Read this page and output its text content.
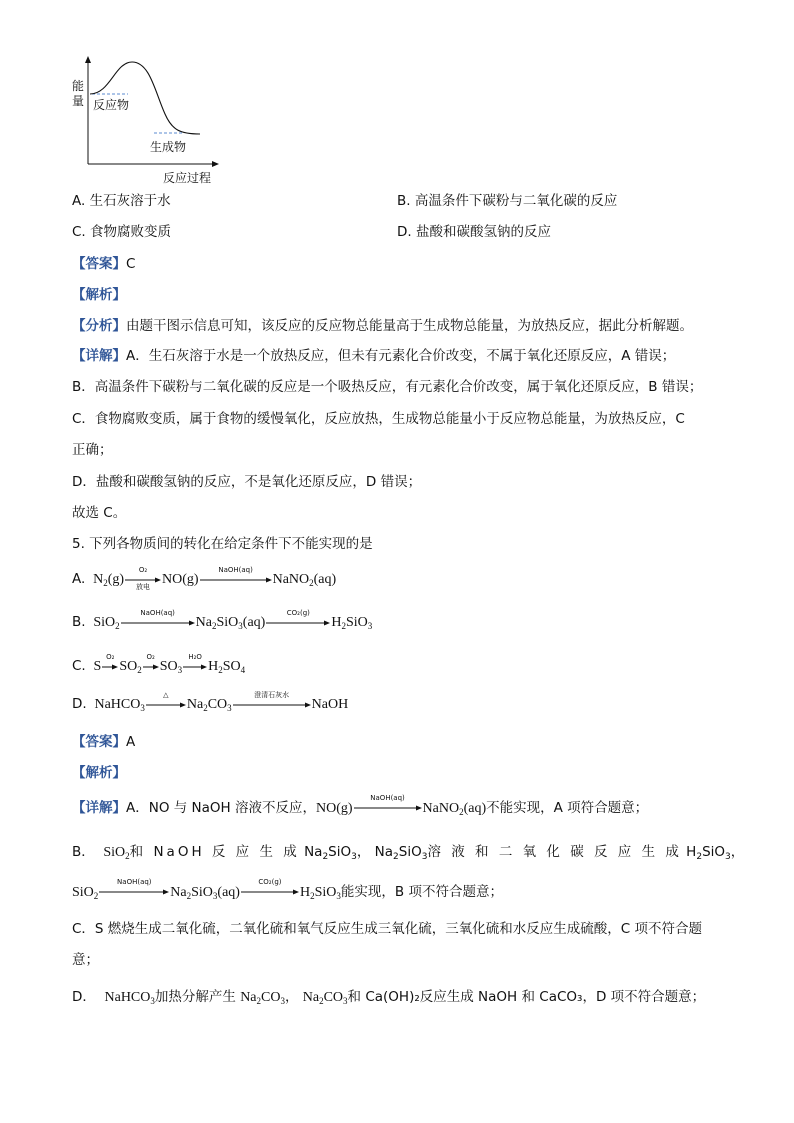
能
量 反应物
生成物
反应过程
A. 生石灰溶于水	B. 高温条件下碳粉与二氧化碳的反应
C. 食物腐败变质	D. 盐酸和碳酸氢钠的反应
【答案】C
【解析】
【分析】由题干图示信息可知，该反应的反应物总能量高于生成物总能量，为放热反应，据此分析解题。
【详解】A．生石灰溶于水是一个放热反应，但未有元素化合价改变，不属于氧化还原反应，A 错误；
B．高温条件下碳粉与二氧化碳的反应是一个吸热反应，有元素化合价改变，属于氧化还原反应，B 错误；
C．食物腐败变质，属于食物的缓慢氧化，反应放热，生成物总能量小于反应物总能量，为放热反应，C
正确；
D．盐酸和碳酸氢钠的反应，不是氧化还原反应，D 错误；
故选 C。
5. 下列各物质间的转化在给定条件下不能实现的是
A.  $N_2(g)$
O₂
放电 NO(g)
NaOH(aq)
NaNO$_2$(aq)
B.  SiO$_2$
NaOH(aq)
$Na_2SiO_3(aq)$
CO₂(g)
$H_2SiO_3$
C.  S
O₂
$SO_2$
O₂
$SO_3$
H₂O
$H_2SO_4$
D.  NaHCO$_3$
△
$Na_2CO_3$
澄清石灰水
NaOH
【答案】A
【解析】
【详解】A．NO 与 NaOH 溶液不反应，NO(g)
NaOH(aq)
NaNO$_2$(aq)不能实现，A 项符合题意；
B． SiO$_2$和 NaOH 反 应 生 成 $Na_2SiO_3$， $Na_2SiO_3$溶 液 和 二 氧 化 碳 反 应 生 成 $H_2SiO_3$，
SiO$_2$
NaOH(aq)
$Na_2SiO_3(aq)$
CO₂(g)
$H_2SiO_3$能实现，B 项不符合题意；
C．S 燃烧生成二氧化硫，二氧化硫和氧气反应生成三氧化硫，三氧化硫和水反应生成硫酸，C 项不符合题
意；
D． NaHCO$_3$加热分解产生 $Na_2CO_3$， $Na_2CO_3$和 Ca(OH)₂反应生成 NaOH 和 CaCO₃，D 项不符合题意；
